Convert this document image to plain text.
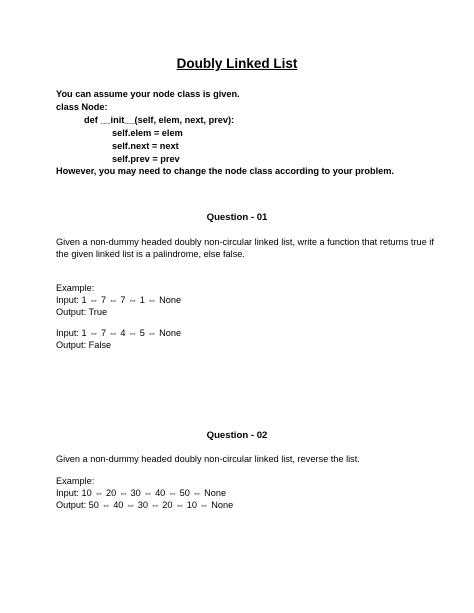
Doubly Linked List
You can assume your node class is given.
class Node:
def __init__(self, elem, next, prev):
self.elem = elem
self.next = next
self.prev = prev
However, you may need to change the node class according to your problem.
Question - 01
Given a non-dummy headed doubly non-circular linked list, write a function that returns true if
the given linked list is a palindrome, else false.
Example:
Input: 1 ⇔ 7 ⇔ 7 ⇔ 1 ⇔ None
Output: True
Input: 1 ⇔ 7 ⇔ 4 ⇔ 5 ⇔ None
Output: False
Question - 02
Given a non-dummy headed doubly non-circular linked list, reverse the list.
Example:
Input: 10 ⇔ 20 ⇔ 30 ⇔ 40 ⇔ 50 ⇔ None
Output: 50 ⇔ 40 ⇔ 30 ⇔ 20 ⇔ 10 ⇔ None
